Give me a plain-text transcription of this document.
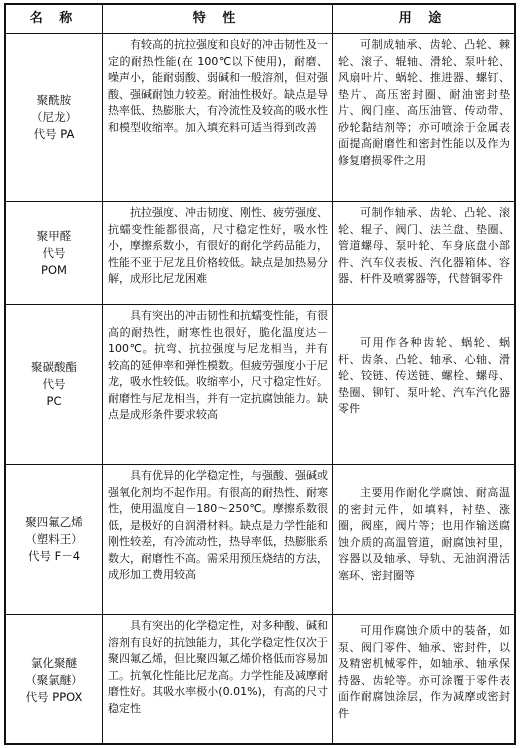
名 称	特 性	用 途
聚酰胺
（尼龙）
代号 PA
有较高的抗拉强度和良好的冲击韧性及一定的耐热性能(在 100℃以下使用)，耐磨、噪声小，能耐弱酸、弱碱和一般溶剂，但对强酸、强碱耐蚀力较差。耐油性极好。缺点是导热率低、热膨胀大，有冷流性及较高的吸水性和模型收缩率。加入填充料可适当得到改善
可制成轴承、齿轮、凸轮、棘轮、滚子、辊轴、滑轮、泵叶轮、风扇叶片、蜗轮、推进器、螺钉、垫片、高压密封圈、耐油密封垫片、阀门座、高压油管、传动带、砂轮黏结剂等；亦可喷涂于金属表面提高耐磨性和密封性能以及作为修复磨损零件之用
聚甲醛
代号
POM
抗拉强度、冲击韧度、刚性、疲劳强度、抗蠕变性能都很高，尺寸稳定性好，吸水性小，摩擦系数小，有很好的耐化学药品能力，性能不亚于尼龙且价格较低。缺点是加热易分解，成形比尼龙困难
可制作轴承、齿轮、凸轮、滚轮、辊子、阀门、法兰盘、垫圈、管道螺母、泵叶轮、车身底盘小部件、汽车仪表板、汽化器箱体、容器、杆件及喷雾器等，代替铜零件
聚碳酸酯
代号
PC
具有突出的冲击韧性和抗蠕变性能，有很高的耐热性，耐寒性也很好，脆化温度达－100℃。抗弯、抗拉强度与尼龙相当，并有较高的延伸率和弹性模数。但疲劳强度小于尼龙，吸水性较低。收缩率小，尺寸稳定性好。耐磨性与尼龙相当，并有一定抗腐蚀能力。缺点是成形条件要求较高
可用作各种齿轮、蜗轮、蜗杆、齿条、凸轮、轴承、心轴、滑轮、铰链、传送链、螺栓、螺母、垫圈、铆钉、泵叶轮、汽车汽化器零件
聚四氟乙烯
（塑料王）
代号 F－4
具有优异的化学稳定性，与强酸、强碱或强氧化剂均不起作用。有很高的耐热性、耐寒性，使用温度自－180～250℃。摩擦系数很低，是极好的自润滑材料。缺点是力学性能和刚性较差，有冷流动性，热导率低，热膨胀系数大，耐磨性不高。需采用预压烧结的方法，成形加工费用较高
主要用作耐化学腐蚀、耐高温的密封元件，如填料，衬垫、涨圈，阀座，阀片等；也用作输送腐蚀介质的高温管道，耐腐蚀衬里，容器以及轴承、导轨、无油润滑活塞环、密封圈等
氯化聚醚
（聚氯醚）
代号 PPOX
具有突出的化学稳定性，对多种酸、碱和溶剂有良好的抗蚀能力，其化学稳定性仅次于聚四氟乙烯，但比聚四氟乙烯价格低而容易加工。抗氧化性能比尼龙高。力学性能及减摩耐磨性好。其吸水率极小(0.01%)，有高的尺寸稳定性
可用作腐蚀介质中的装备，如泵、阀门零件、轴承、密封件，以及精密机械零件，如轴承、轴承保持器、齿轮等。亦可涂覆于零件表面作耐腐蚀涂层，作为减摩或密封件
